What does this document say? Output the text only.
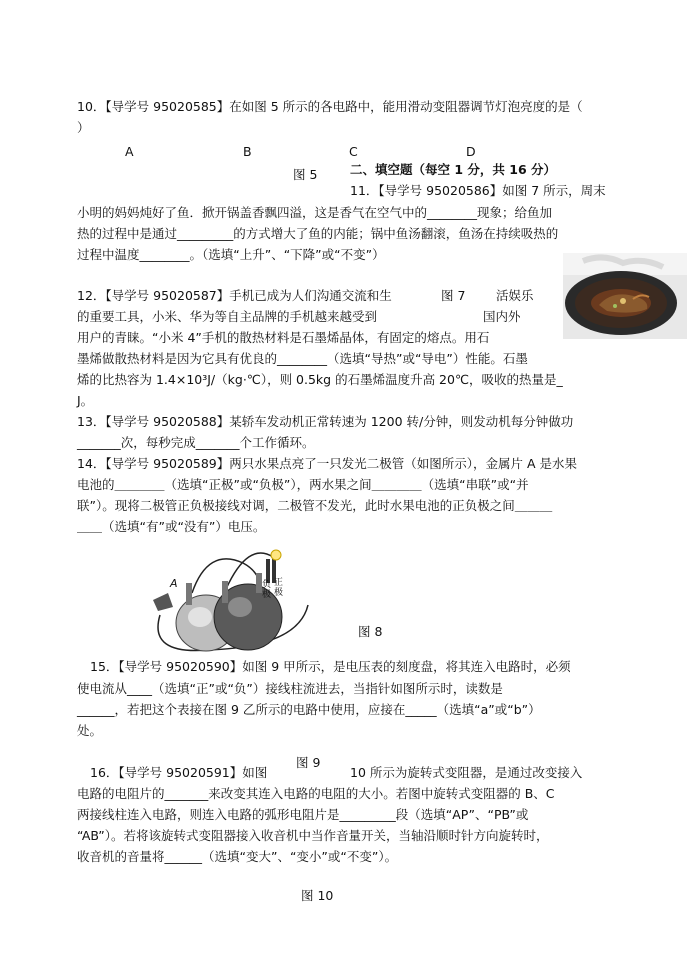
10．【导学号 95020585】在如图 5 所示的各电路中，能用滑动变阻器调节灯泡亮度的是（
）
A	B	C	D
图 5	二、填空题（每空 1 分，共 16 分）
11．【导学号 95020586】如图 7 所示，周末
小明的妈妈炖好了鱼．掀开锅盖香飘四溢，这是香气在空气中的________现象；给鱼加
热的过程中是通过_________的方式增大了鱼的内能；锅中鱼汤翻滚，鱼汤在持续吸热的
过程中温度________。（选填“上升”、“下降”或“不变”）
12．【导学号 95020587】手机已成为人们沟通交流和生	图 7 活娱乐
的重要工具，小米、华为等自主品牌的手机越来越受到	国内外
用户的青睐。“小米 4”手机的散热材料是石墨烯晶体，有固定的熔点。用石
墨烯做散热材料是因为它具有优良的________（选填“导热”或“导电”）性能。石墨
烯的比热容为 1.4×10³J/（kg·℃），则 0.5kg 的石墨烯温度升高 20℃，吸收的热量是_
J。
13．【导学号 95020588】某轿车发动机正常转速为 1200 转/分钟，则发动机每分钟做功
_______次，每秒完成_______个工作循环。
14．【导学号 95020589】两只水果点亮了一只发光二极管（如图所示），金属片 A 是水果
电池的＿＿＿＿（选填“正极”或“负极”），两水果之间＿＿＿＿（选填“串联”或“并
联”）。现将二极管正负极接线对调，二极管不发光，此时水果电池的正负极之间＿＿＿
＿＿（选填“有”或“没有”）电压。
A	负极
正极
图 8
15．【导学号 95020590】如图 9 甲所示，是电压表的刻度盘，将其连入电路时，必须
使电流从____（选填“正”或“负”）接线柱流进去，当指针如图所示时，读数是
______，若把这个表接在图 9 乙所示的电路中使用，应接在_____（选填“a”或“b”）
处。
图 9
16．【导学号 95020591】如图	10 所示为旋转式变阻器，是通过改变接入
电路的电阻片的_______来改变其连入电路的电阻的大小。若图中旋转式变阻器的 B、C
两接线柱连入电路，则连入电路的弧形电阻片是_________段（选填“AP”、“PB”或
“AB”）。若将该旋转式变阻器接入收音机中当作音量开关，当轴沿顺时针方向旋转时，
收音机的音量将______（选填“变大”、“变小”或“不变”）。
图 10
